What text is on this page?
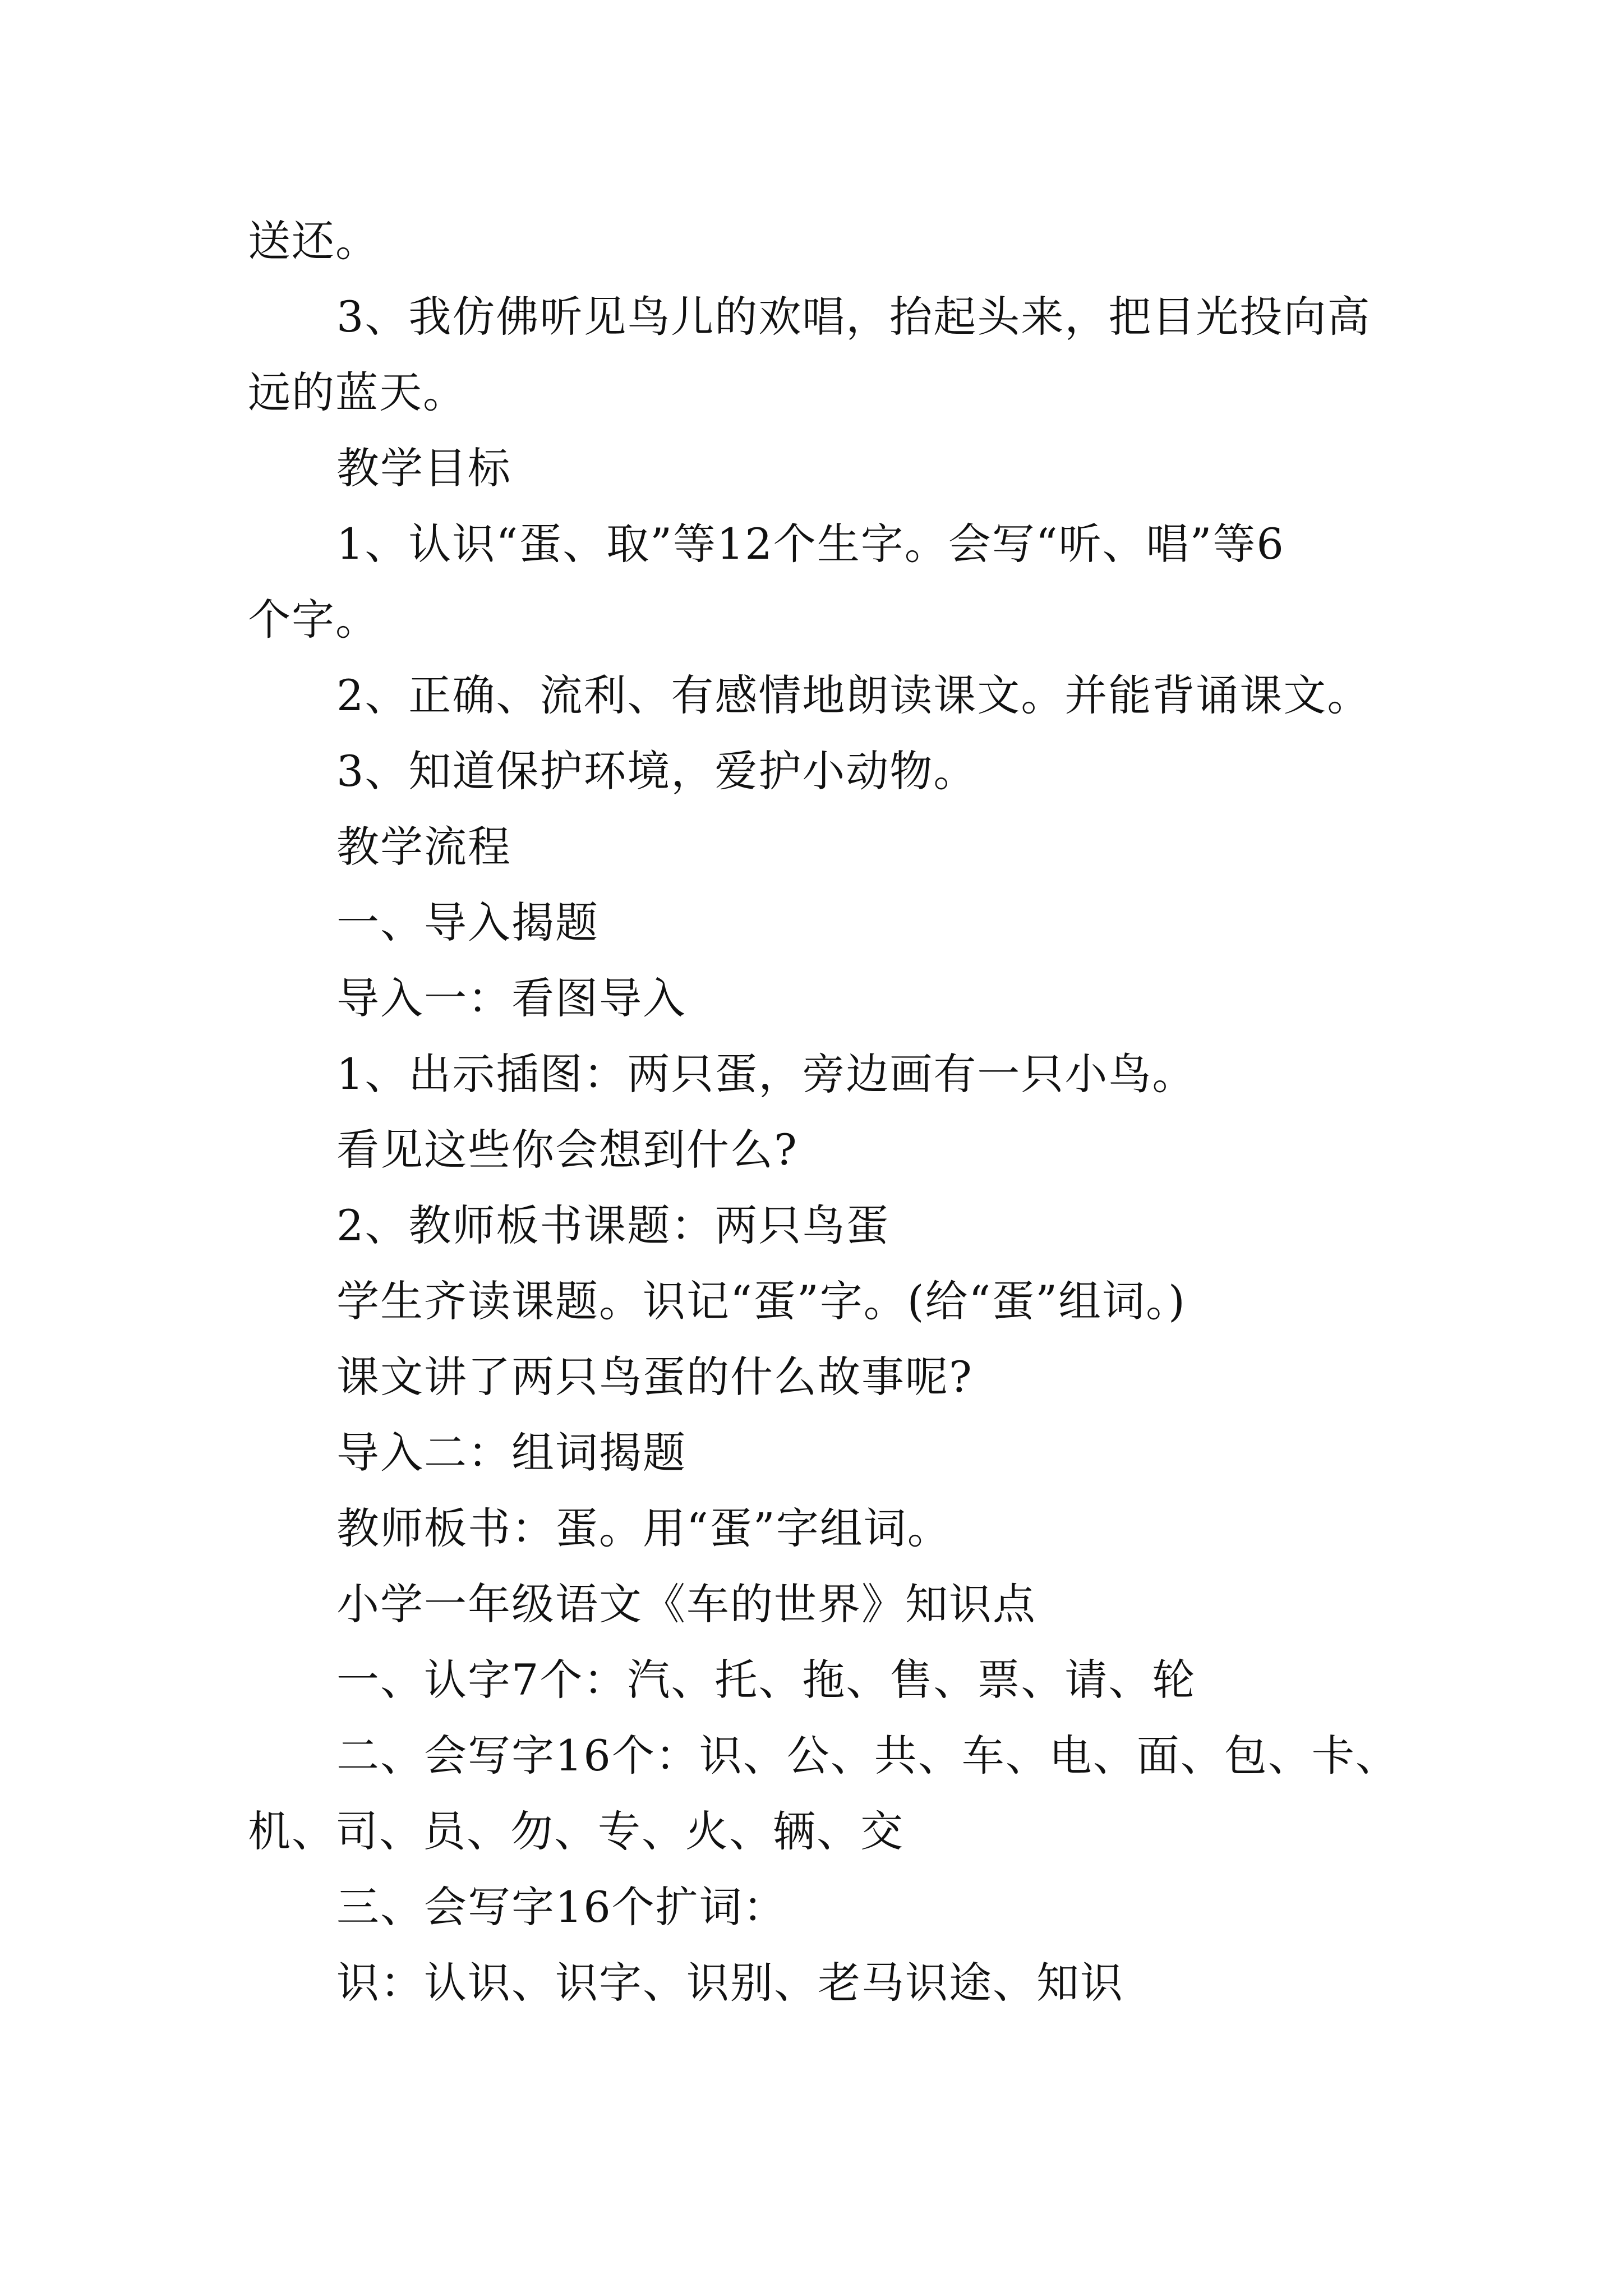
送还。
3、我仿佛听见鸟儿的欢唱，抬起头来，把目光投向高
远的蓝天。
教学目标
1、认识“蛋、取”等12个生字。会写“听、唱”等6
个字。
2、正确、流利、有感情地朗读课文。并能背诵课文。
3、知道保护环境，爱护小动物。
教学流程
一、导入揭题
导入一：看图导入
1、出示插图：两只蛋，旁边画有一只小鸟。
看见这些你会想到什么?
2、教师板书课题：两只鸟蛋
学生齐读课题。识记“蛋”字。(给“蛋”组词。)
课文讲了两只鸟蛋的什么故事呢?
导入二：组词揭题
教师板书：蛋。用“蛋”字组词。
小学一年级语文《车的世界》知识点
一、认字7个：汽、托、拖、售、票、请、轮
二、会写字16个：识、公、共、车、电、面、包、卡、
机、司、员、勿、专、火、辆、交
三、会写字16个扩词：
识：认识、识字、识别、老马识途、知识
